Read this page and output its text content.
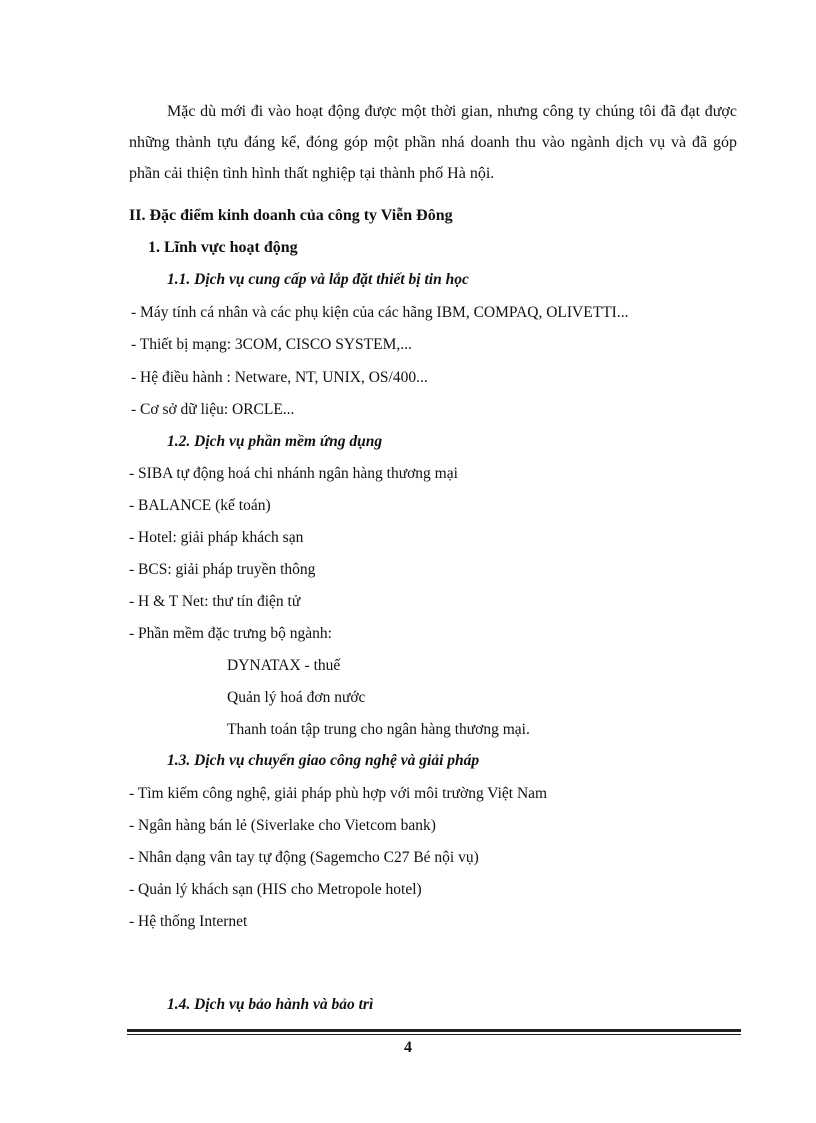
Mặc dù mới đi vào hoạt động được một thời gian, nhưng công ty chúng tôi đã đạt được những thành tựu đáng kể, đóng góp một phần nhá doanh thu vào ngành dịch vụ và đã góp phần cải thiện tình hình thất nghiệp tại thành phố Hà nội.

II. Đặc điểm kinh doanh của công ty Viễn Đông
1. Lĩnh vực hoạt động
1.1. Dịch vụ cung cấp và lắp đặt thiết bị tin học
- Máy tính cá nhân và các phụ kiện của các hãng IBM, COMPAQ, OLIVETTI...
- Thiết bị mạng: 3COM, CISCO SYSTEM,...
- Hệ điều hành : Netware, NT, UNIX, OS/400...
- Cơ sở dữ liệu: ORCLE...
1.2. Dịch vụ phần mềm ứng dụng
- SIBA tự động hoá chi nhánh ngân hàng thương mại
- BALANCE (kế toán)
- Hotel: giải pháp khách sạn
- BCS: giải pháp truyền thông
- H & T Net: thư tín điện tử
- Phần mềm đặc trưng bộ ngành:
DYNATAX - thuế
Quản lý hoá đơn nước
Thanh toán tập trung cho ngân hàng thương mại.
1.3. Dịch vụ chuyển giao công nghệ và giải pháp
- Tìm kiếm công nghệ, giải pháp phù hợp với môi trường Việt Nam
- Ngân hàng bán lẻ (Siverlake cho Vietcom bank)
- Nhân dạng vân tay tự động (Sagemcho C27 Bé nội vụ)
- Quản lý khách sạn (HIS cho Metropole hotel)
- Hệ thống Internet
1.4. Dịch vụ bảo hành và bảo trì
4
